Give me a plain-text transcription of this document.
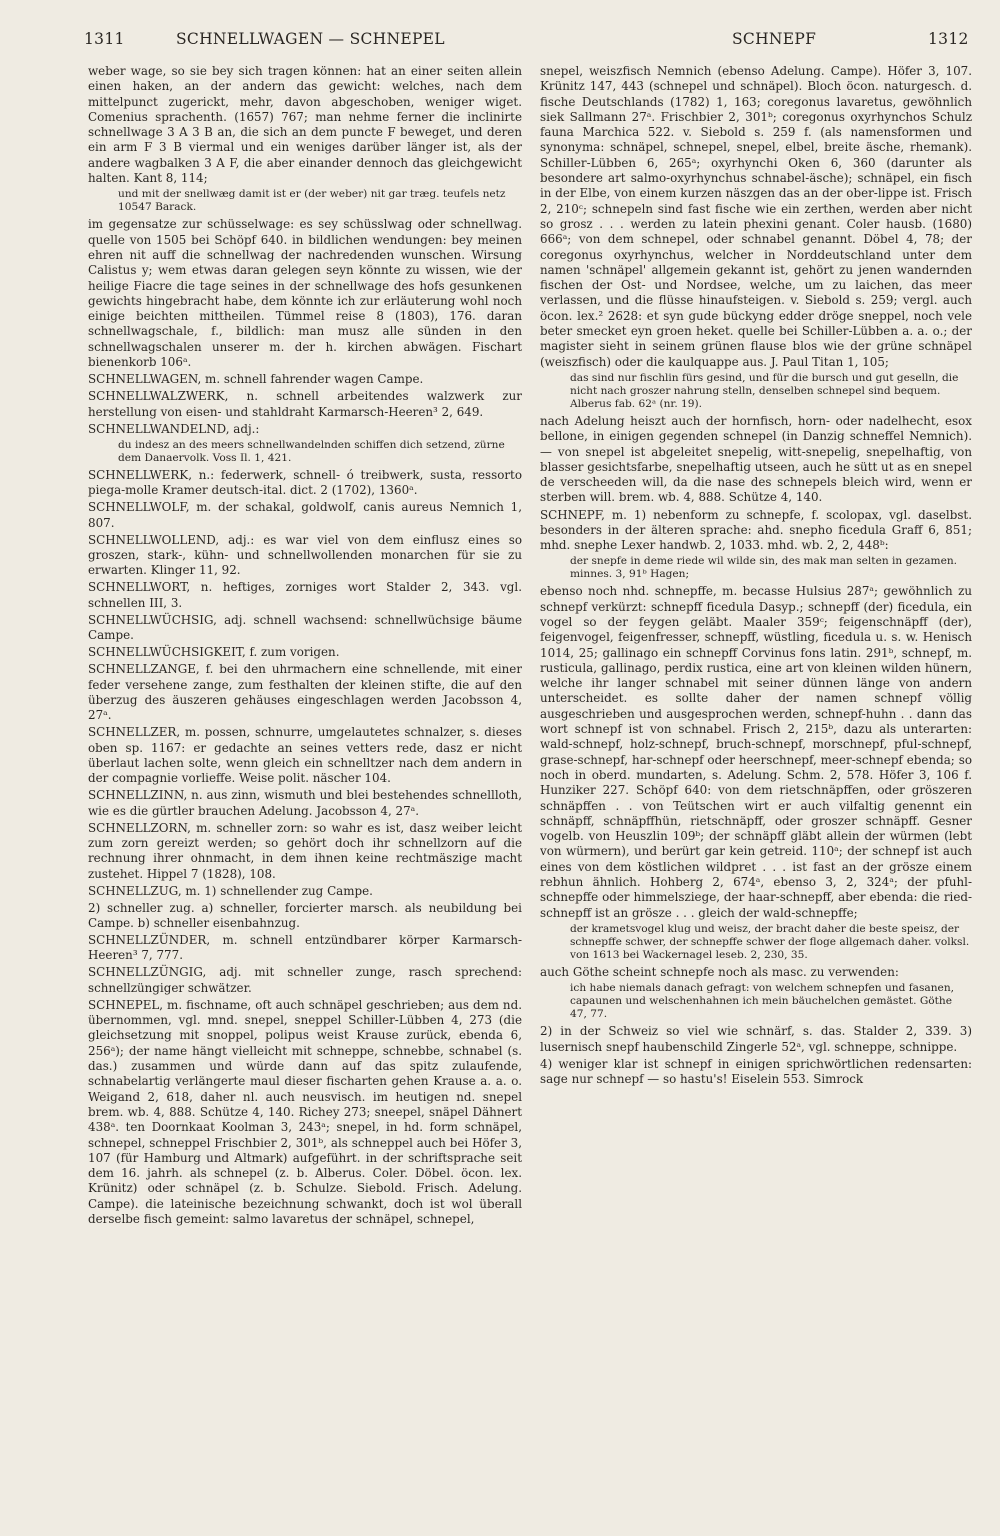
1311	SCHNELLWAGEN — SCHNEPEL	SCHNEPF	1312
weber wage, so sie bey sich tragen können: hat an einer seiten allein einen haken, an der andern das gewicht: welches, nach dem mittelpunct zugerickt, mehr, davon abgeschoben, weniger wiget. Comenius sprachenth. (1657) 767; man nehme ferner die inclinirte schnellwage 3 A 3 B an, die sich an dem puncte F beweget, und deren ein arm F 3 B viermal und ein weniges darüber länger ist, als der andere wagbalken 3 A F, die aber einander dennoch das gleichgewicht halten. Kant 8, 114;
und mit der snellwæg damit ist er (der weber) nit gar træg. teufels netz 10547 Barack.
im gegensatze zur schüsselwage: es sey schüsslwag oder schnellwag. quelle von 1505 bei Schöpf 640. in bildlichen wendungen: bey meinen ehren nit auff die schnellwag der nachredenden wunschen. Wirsung Calistus y; wem etwas daran gelegen seyn könnte zu wissen, wie der heilige Fiacre die tage seines in der schnellwage des hofs gesunkenen gewichts hingebracht habe, dem könnte ich zur erläuterung wohl noch einige beichten mittheilen. Tümmel reise 8 (1803), 176. daran schnellwagschale, f., bildlich: man musz alle sünden in den schnellwagschalen unserer m. der h. kirchen abwägen. Fischart bienenkorb 106ᵃ.
SCHNELLWAGEN, m. schnell fahrender wagen Campe.
SCHNELLWALZWERK, n. schnell arbeitendes walzwerk zur herstellung von eisen- und stahldraht Karmarsch-Heeren³ 2, 649.
SCHNELLWANDELND, adj.:
du indesz an des meers schnellwandelnden schiffen dich setzend, zürne dem Danaervolk. Voss Il. 1, 421.
SCHNELLWERK, n.: federwerk, schnell- ó treibwerk, susta, ressorto piega-molle Kramer deutsch-ital. dict. 2 (1702), 1360ᵃ.
SCHNELLWOLF, m. der schakal, goldwolf, canis aureus Nemnich 1, 807.
SCHNELLWOLLEND, adj.: es war viel von dem einflusz eines so groszen, stark-, kühn- und schnellwollenden monarchen für sie zu erwarten. Klinger 11, 92.
SCHNELLWORT, n. heftiges, zorniges wort Stalder 2, 343. vgl. schnellen III, 3.
SCHNELLWÜCHSIG, adj. schnell wachsend: schnellwüchsige bäume Campe.
SCHNELLWÜCHSIGKEIT, f. zum vorigen.
SCHNELLZANGE, f. bei den uhrmachern eine schnellende, mit einer feder versehene zange, zum festhalten der kleinen stifte, die auf den überzug des äuszeren gehäuses eingeschlagen werden Jacobsson 4, 27ᵃ.
SCHNELLZER, m. possen, schnurre, umgelautetes schnalzer, s. dieses oben sp. 1167: er gedachte an seines vetters rede, dasz er nicht überlaut lachen solte, wenn gleich ein schnelltzer nach dem andern in der compagnie vorlieffe. Weise polit. näscher 104.
SCHNELLZINN, n. aus zinn, wismuth und blei bestehendes schnellloth, wie es die gürtler brauchen Adelung. Jacobsson 4, 27ᵃ.
SCHNELLZORN, m. schneller zorn: so wahr es ist, dasz weiber leicht zum zorn gereizt werden; so gehört doch ihr schnellzorn auf die rechnung ihrer ohnmacht, in dem ihnen keine rechtmäszige macht zustehet. Hippel 7 (1828), 108.
SCHNELLZUG, m. 1) schnellender zug Campe.
2) schneller zug. a) schneller, forcierter marsch. als neubildung bei Campe. b) schneller eisenbahnzug.
SCHNELLZÜNDER, m. schnell entzündbarer körper Karmarsch-Heeren³ 7, 777.
SCHNELLZÜNGIG, adj. mit schneller zunge, rasch sprechend: schnellzüngiger schwätzer.
SCHNEPEL, m. fischname, oft auch schnäpel geschrieben; aus dem nd. übernommen, vgl. mnd. snepel, sneppel Schiller-Lübben 4, 273 (die gleichsetzung mit snoppel, polipus weist Krause zurück, ebenda 6, 256ᵃ); der name hängt vielleicht mit schneppe, schnebbe, schnabel (s. das.) zusammen und würde dann auf das spitz zulaufende, schnabelartig verlängerte maul dieser fischarten gehen Krause a. a. o. Weigand 2, 618, daher nl. auch neusvisch. im heutigen nd. snepel brem. wb. 4, 888. Schütze 4, 140. Richey 273; sneepel, snäpel Dähnert 438ᵃ. ten Doornkaat Koolman 3, 243ᵃ; snepel, in hd. form schnäpel, schnepel, schneppel Frischbier 2, 301ᵇ, als schneppel auch bei Höfer 3, 107 (für Hamburg und Altmark) aufgeführt. in der schriftsprache seit dem 16. jahrh. als schnepel (z. b. Alberus. Coler. Döbel. öcon. lex. Krünitz) oder schnäpel (z. b. Schulze. Siebold. Frisch. Adelung. Campe). die lateinische bezeichnung schwankt, doch ist wol überall derselbe fisch gemeint: salmo lavaretus der schnäpel, schnepel,
snepel, weiszfisch Nemnich (ebenso Adelung. Campe). Höfer 3, 107. Krünitz 147, 443 (schnepel und schnäpel). Bloch öcon. naturgesch. d. fische Deutschlands (1782) 1, 163; coregonus lavaretus, gewöhnlich siek Sallmann 27ᵃ. Frischbier 2, 301ᵇ; coregonus oxyrhynchos Schulz fauna Marchica 522. v. Siebold s. 259 f. (als namensformen und synonyma: schnäpel, schnepel, snepel, elbel, breite äsche, rhemank). Schiller-Lübben 6, 265ᵃ; oxyrhynchi Oken 6, 360 (darunter als besondere art salmo-oxyrhynchus schnabel-äsche); schnäpel, ein fisch in der Elbe, von einem kurzen näszgen das an der ober-lippe ist. Frisch 2, 210ᶜ; schnepeln sind fast fische wie ein zerthen, werden aber nicht so grosz . . . werden zu latein phexini genant. Coler hausb. (1680) 666ᵃ; von dem schnepel, oder schnabel genannt. Döbel 4, 78; der coregonus oxyrhynchus, welcher in Norddeutschland unter dem namen 'schnäpel' allgemein gekannt ist, gehört zu jenen wandernden fischen der Ost- und Nordsee, welche, um zu laichen, das meer verlassen, und die flüsse hinaufsteigen. v. Siebold s. 259; vergl. auch öcon. lex.² 2628: et syn gude bückyng edder dröge sneppel, noch vele beter smecket eyn groen heket. quelle bei Schiller-Lübben a. a. o.; der magister sieht in seinem grünen flause blos wie der grüne schnäpel (weiszfisch) oder die kaulquappe aus. J. Paul Titan 1, 105;
das sind nur fischlin fürs gesind, und für die bursch und gut geselln, die nicht nach groszer nahrung stelln, denselben schnepel sind bequem. Alberus fab. 62ᵃ (nr. 19).
nach Adelung heiszt auch der hornfisch, horn- oder nadelhecht, esox bellone, in einigen gegenden schnepel (in Danzig schneffel Nemnich). — von snepel ist abgeleitet snepelig, witt-snepelig, snepelhaftig, von blasser gesichtsfarbe, snepelhaftig utseen, auch he sütt ut as en snepel de verscheeden will, da die nase des schnepels bleich wird, wenn er sterben will. brem. wb. 4, 888. Schütze 4, 140.
SCHNEPF, m. 1) nebenform zu schnepfe, f. scolopax, vgl. daselbst. besonders in der älteren sprache: ahd. snepho ficedula Graff 6, 851; mhd. snephe Lexer handwb. 2, 1033. mhd. wb. 2, 2, 448ᵇ:
der snepfe in deme riede wil wilde sin, des mak man selten in gezamen. minnes. 3, 91ᵇ Hagen;
ebenso noch nhd. schnepffe, m. becasse Hulsius 287ᵃ; gewöhnlich zu schnepf verkürzt: schnepff ficedula Dasyp.; schnepff (der) ficedula, ein vogel so der feygen geläbt. Maaler 359ᶜ; feigenschnäpff (der), feigenvogel, feigenfresser, schnepff, wüstling, ficedula u. s. w. Henisch 1014, 25; gallinago ein schnepff Corvinus fons latin. 291ᵇ, schnepf, m. rusticula, gallinago, perdix rustica, eine art von kleinen wilden hünern, welche ihr langer schnabel mit seiner dünnen länge von andern unterscheidet. es sollte daher der namen schnepf völlig ausgeschrieben und ausgesprochen werden, schnepf-huhn . . dann das wort schnepf ist von schnabel. Frisch 2, 215ᵇ, dazu als unterarten: wald-schnepf, holz-schnepf, bruch-schnepf, morschnepf, pful-schnepf, grase-schnepf, har-schnepf oder heerschnepf, meer-schnepf ebenda; so noch in oberd. mundarten, s. Adelung. Schm. 2, 578. Höfer 3, 106 f. Hunziker 227. Schöpf 640: von dem rietschnäpffen, oder gröszeren schnäpffen . . von Teütschen wirt er auch vilfaltig genennt ein schnäpff, schnäpffhün, rietschnäpff, oder groszer schnäpff. Gesner vogelb. von Heuszlin 109ᵇ; der schnäpff gläbt allein der würmen (lebt von würmern), und berürt gar kein getreid. 110ᵃ; der schnepf ist auch eines von dem köstlichen wildpret . . . ist fast an der grösze einem rebhun ähnlich. Hohberg 2, 674ᵃ, ebenso 3, 2, 324ᵃ; der pfuhl-schnepffe oder himmelsziege, der haar-schnepff, aber ebenda: die ried-schnepff ist an grösze . . . gleich der wald-schnepffe;
der krametsvogel klug und weisz, der bracht daher die beste speisz, der schnepffe schwer, der schnepffe schwer der floge allgemach daher. volksl. von 1613 bei Wackernagel leseb. 2, 230, 35.
auch Göthe scheint schnepfe noch als masc. zu verwenden:
ich habe niemals danach gefragt: von welchem schnepfen und fasanen, capaunen und welschenhahnen ich mein bäuchelchen gemästet. Göthe 47, 77.
2) in der Schweiz so viel wie schnärf, s. das. Stalder 2, 339. 3) lusernisch snepf haubenschild Zingerle 52ᵃ, vgl. schneppe, schnippe.
4) weniger klar ist schnepf in einigen sprichwörtlichen redensarten: sage nur schnepf — so hastu's! Eiselein 553. Simrock
